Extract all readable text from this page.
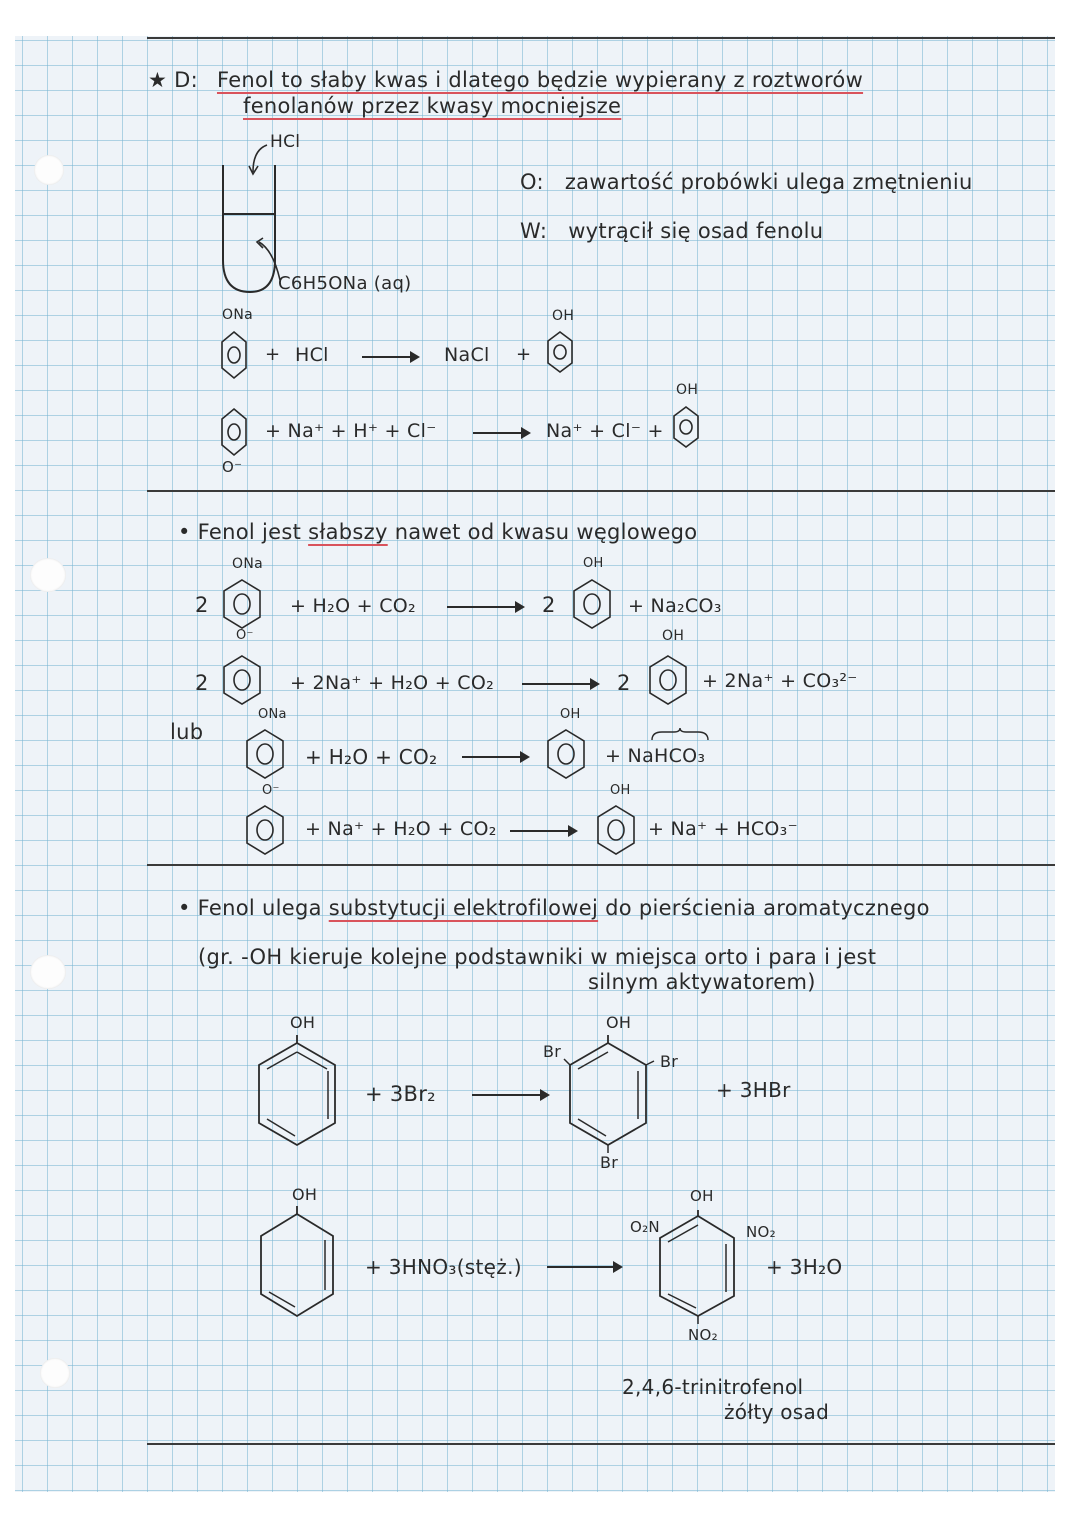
★ D: Fenol to słaby kwas i dlatego będzie wypierany z roztworów
fenolanów przez kwasy mocniejsze
HCl
C6H5ONa (aq)
O: zawartość probówki ulega zmętnieniu
W: wytrącił się osad fenolu
ONa
+ HCl	NaCl +
OH
O⁻
+ Na⁺ + H⁺ + Cl⁻ → Na⁺ + Cl⁻ +
OH
• Fenol jest słabszy nawet od kwasu węglowego
2
ONa
+ H₂O + CO₂	2
OH
+ Na₂CO₃
2
O⁻
+ 2Na⁺ + H₂O + CO₂	2
OH
+ 2Na⁺ + CO₃²⁻
lub
ONa
+ H₂O + CO₂
OH
+ NaHCO₃
O⁻
+ Na⁺ + H₂O + CO₂
OH
+ Na⁺ + HCO₃⁻
• Fenol ulega substytucji elektrofilowej do pierścienia aromatycznego
(gr. -OH kieruje kolejne podstawniki w miejsca orto i para i jest
silnym aktywatorem)
OH
+ 3Br₂
OH
Br
Br
Br
+ 3HBr
OH
+ 3HNO₃(stęż.)
OH
O₂N	NO₂
NO₂
+ 3H₂O
2,4,6-trinitrofenol
żółty osad
